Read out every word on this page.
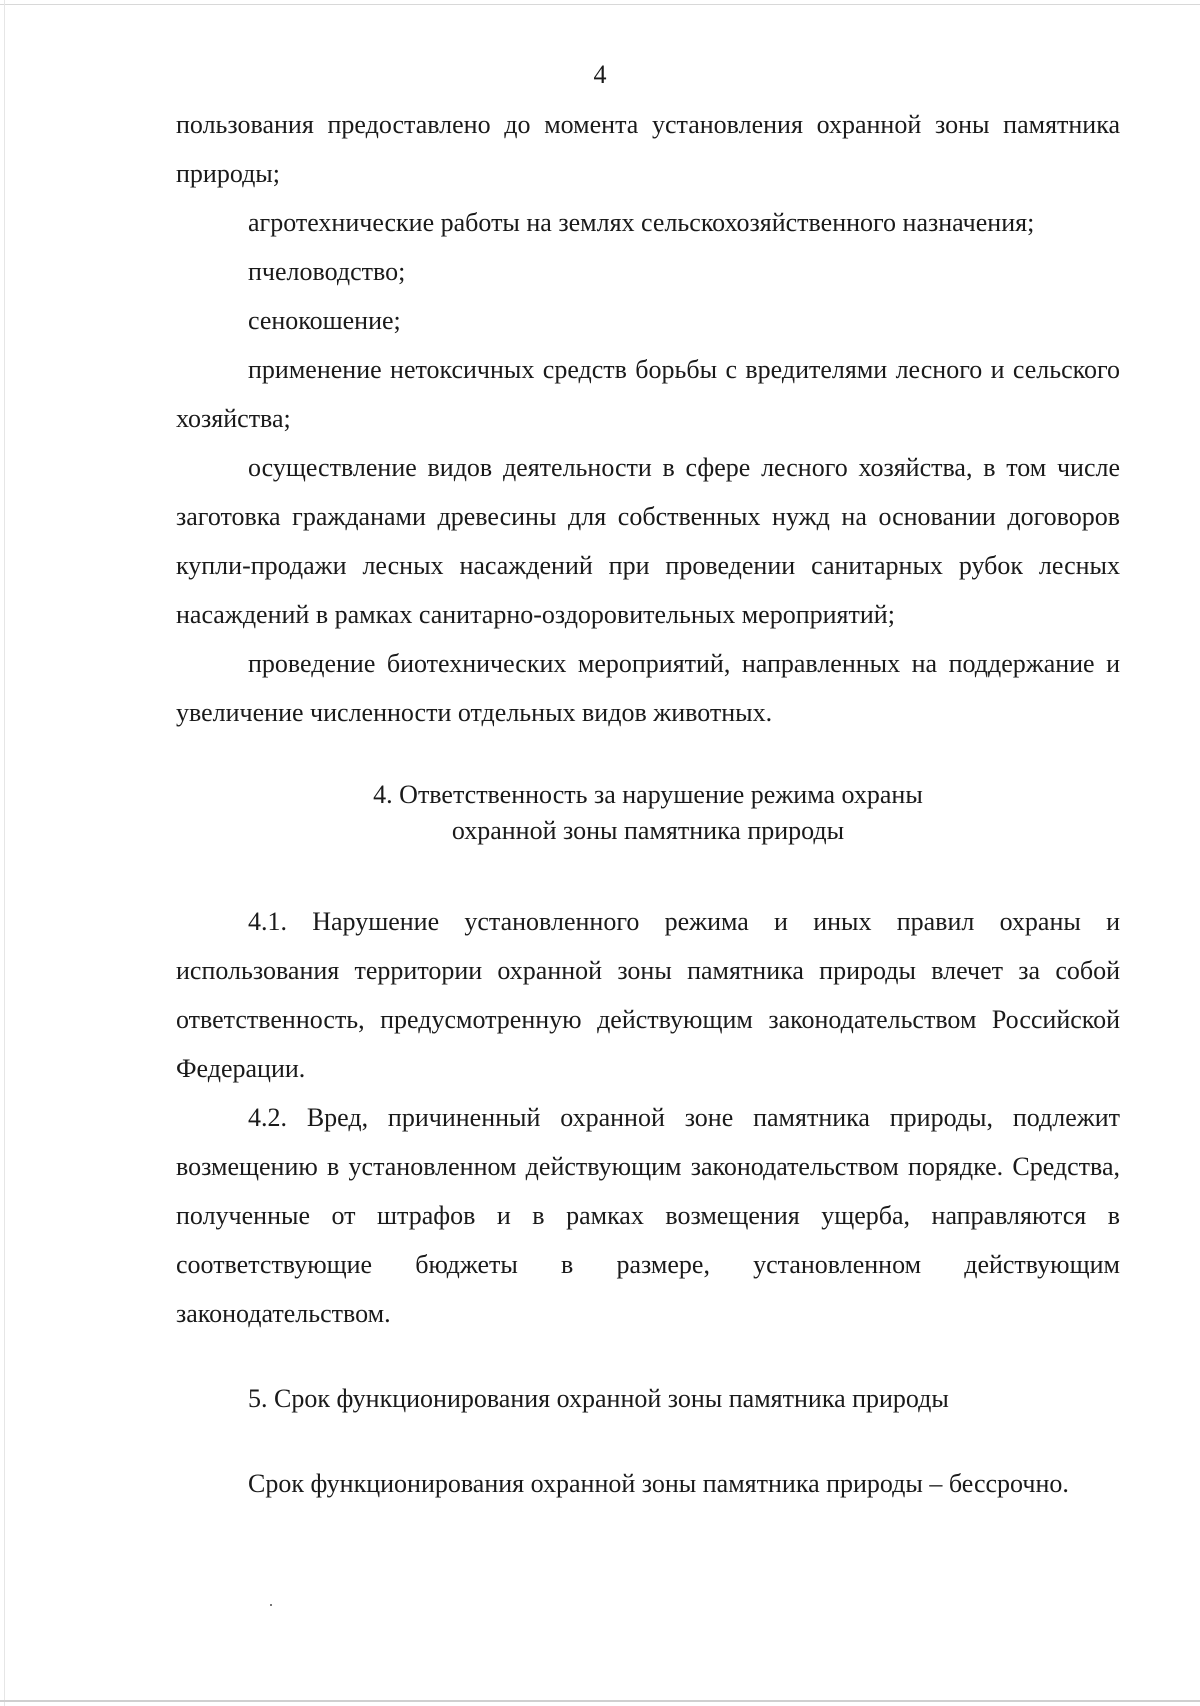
4

пользования предоставлено до момента установления охранной зоны памятника природы;

агротехнические работы на землях сельскохозяйственного назначения;

пчеловодство;

сенокошение;

применение нетоксичных средств борьбы с вредителями лесного и сельского хозяйства;

осуществление видов деятельности в сфере лесного хозяйства, в том числе заготовка гражданами древесины для собственных нужд на основании договоров купли-продажи лесных насаждений при проведении санитарных рубок лесных насаждений в рамках санитарно-оздоровительных мероприятий;

проведение биотехнических мероприятий, направленных на поддержание и увеличение численности отдельных видов животных.

4. Ответственность за нарушение режима охраны

охранной зоны памятника природы

4.1. Нарушение установленного режима и иных правил охраны и использования территории охранной зоны памятника природы влечет за собой ответственность, предусмотренную действующим законодательством Российской Федерации.

4.2. Вред, причиненный охранной зоне памятника природы, подлежит возмещению в установленном действующим законодательством порядке. Средства, полученные от штрафов и в рамках возмещения ущерба, направляются в соответствующие бюджеты в размере, установленном действующим законодательством.

5. Срок функционирования охранной зоны памятника природы

Срок функционирования охранной зоны памятника природы – бессрочно.
